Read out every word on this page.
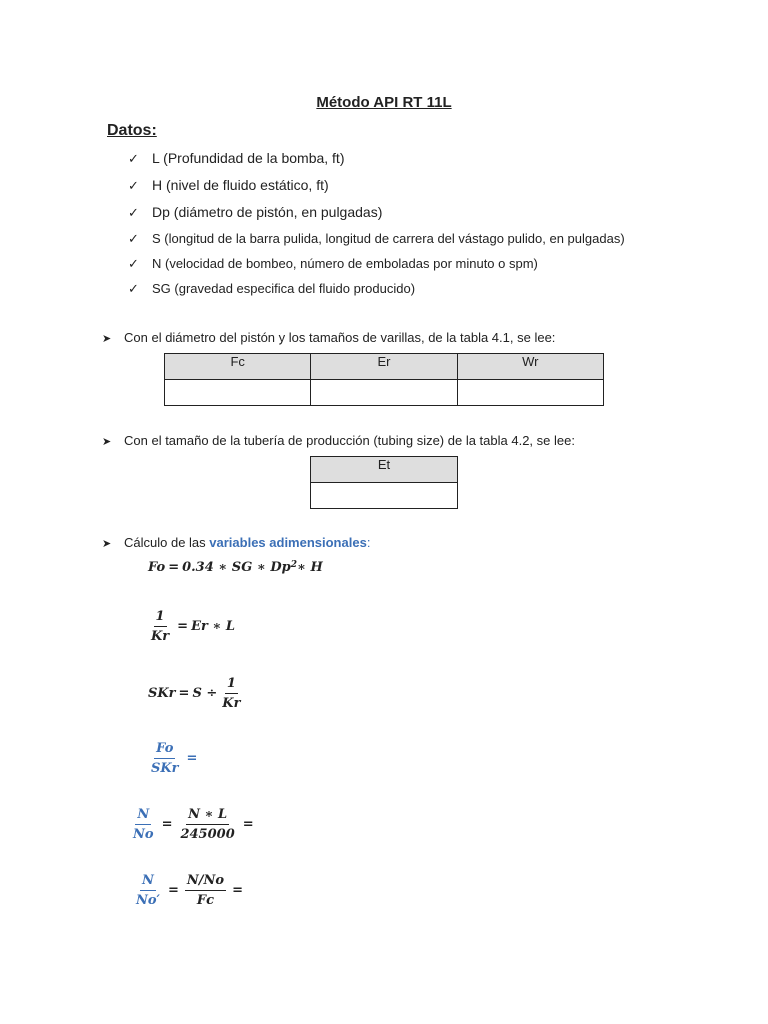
Método API RT 11L
Datos:
✓ L (Profundidad de la bomba, ft)
✓ H (nivel de fluido estático, ft)
✓ Dp (diámetro de pistón, en pulgadas)
✓ S (longitud de la barra pulida, longitud de carrera del vástago pulido, en pulgadas)
✓ N (velocidad de bombeo, número de emboladas por minuto o spm)
✓ SG (gravedad especifica del fluido producido)
➤ Con el diámetro del pistón y los tamaños de varillas, de la tabla 4.1, se lee:
Fc	Er	Wr

➤ Con el tamaño de la tubería de producción (tubing size) de la tabla 4.2, se lee:
Et

➤ Cálculo de las variables adimensionales:
Fo = 0.34 ∗ SG ∗ Dp 2 ∗ H
$\frac{1}{Kr} = Er$ ∗ L
SKr = $S \div \frac{1}{Kr}$
$\frac{Fo}{\text{SKr}}$ =
$\frac{N}{No} = \frac{N ∗ L}{245000}$ =
$\frac{N}{No'} = \frac{N/No}{Fc}$ =
